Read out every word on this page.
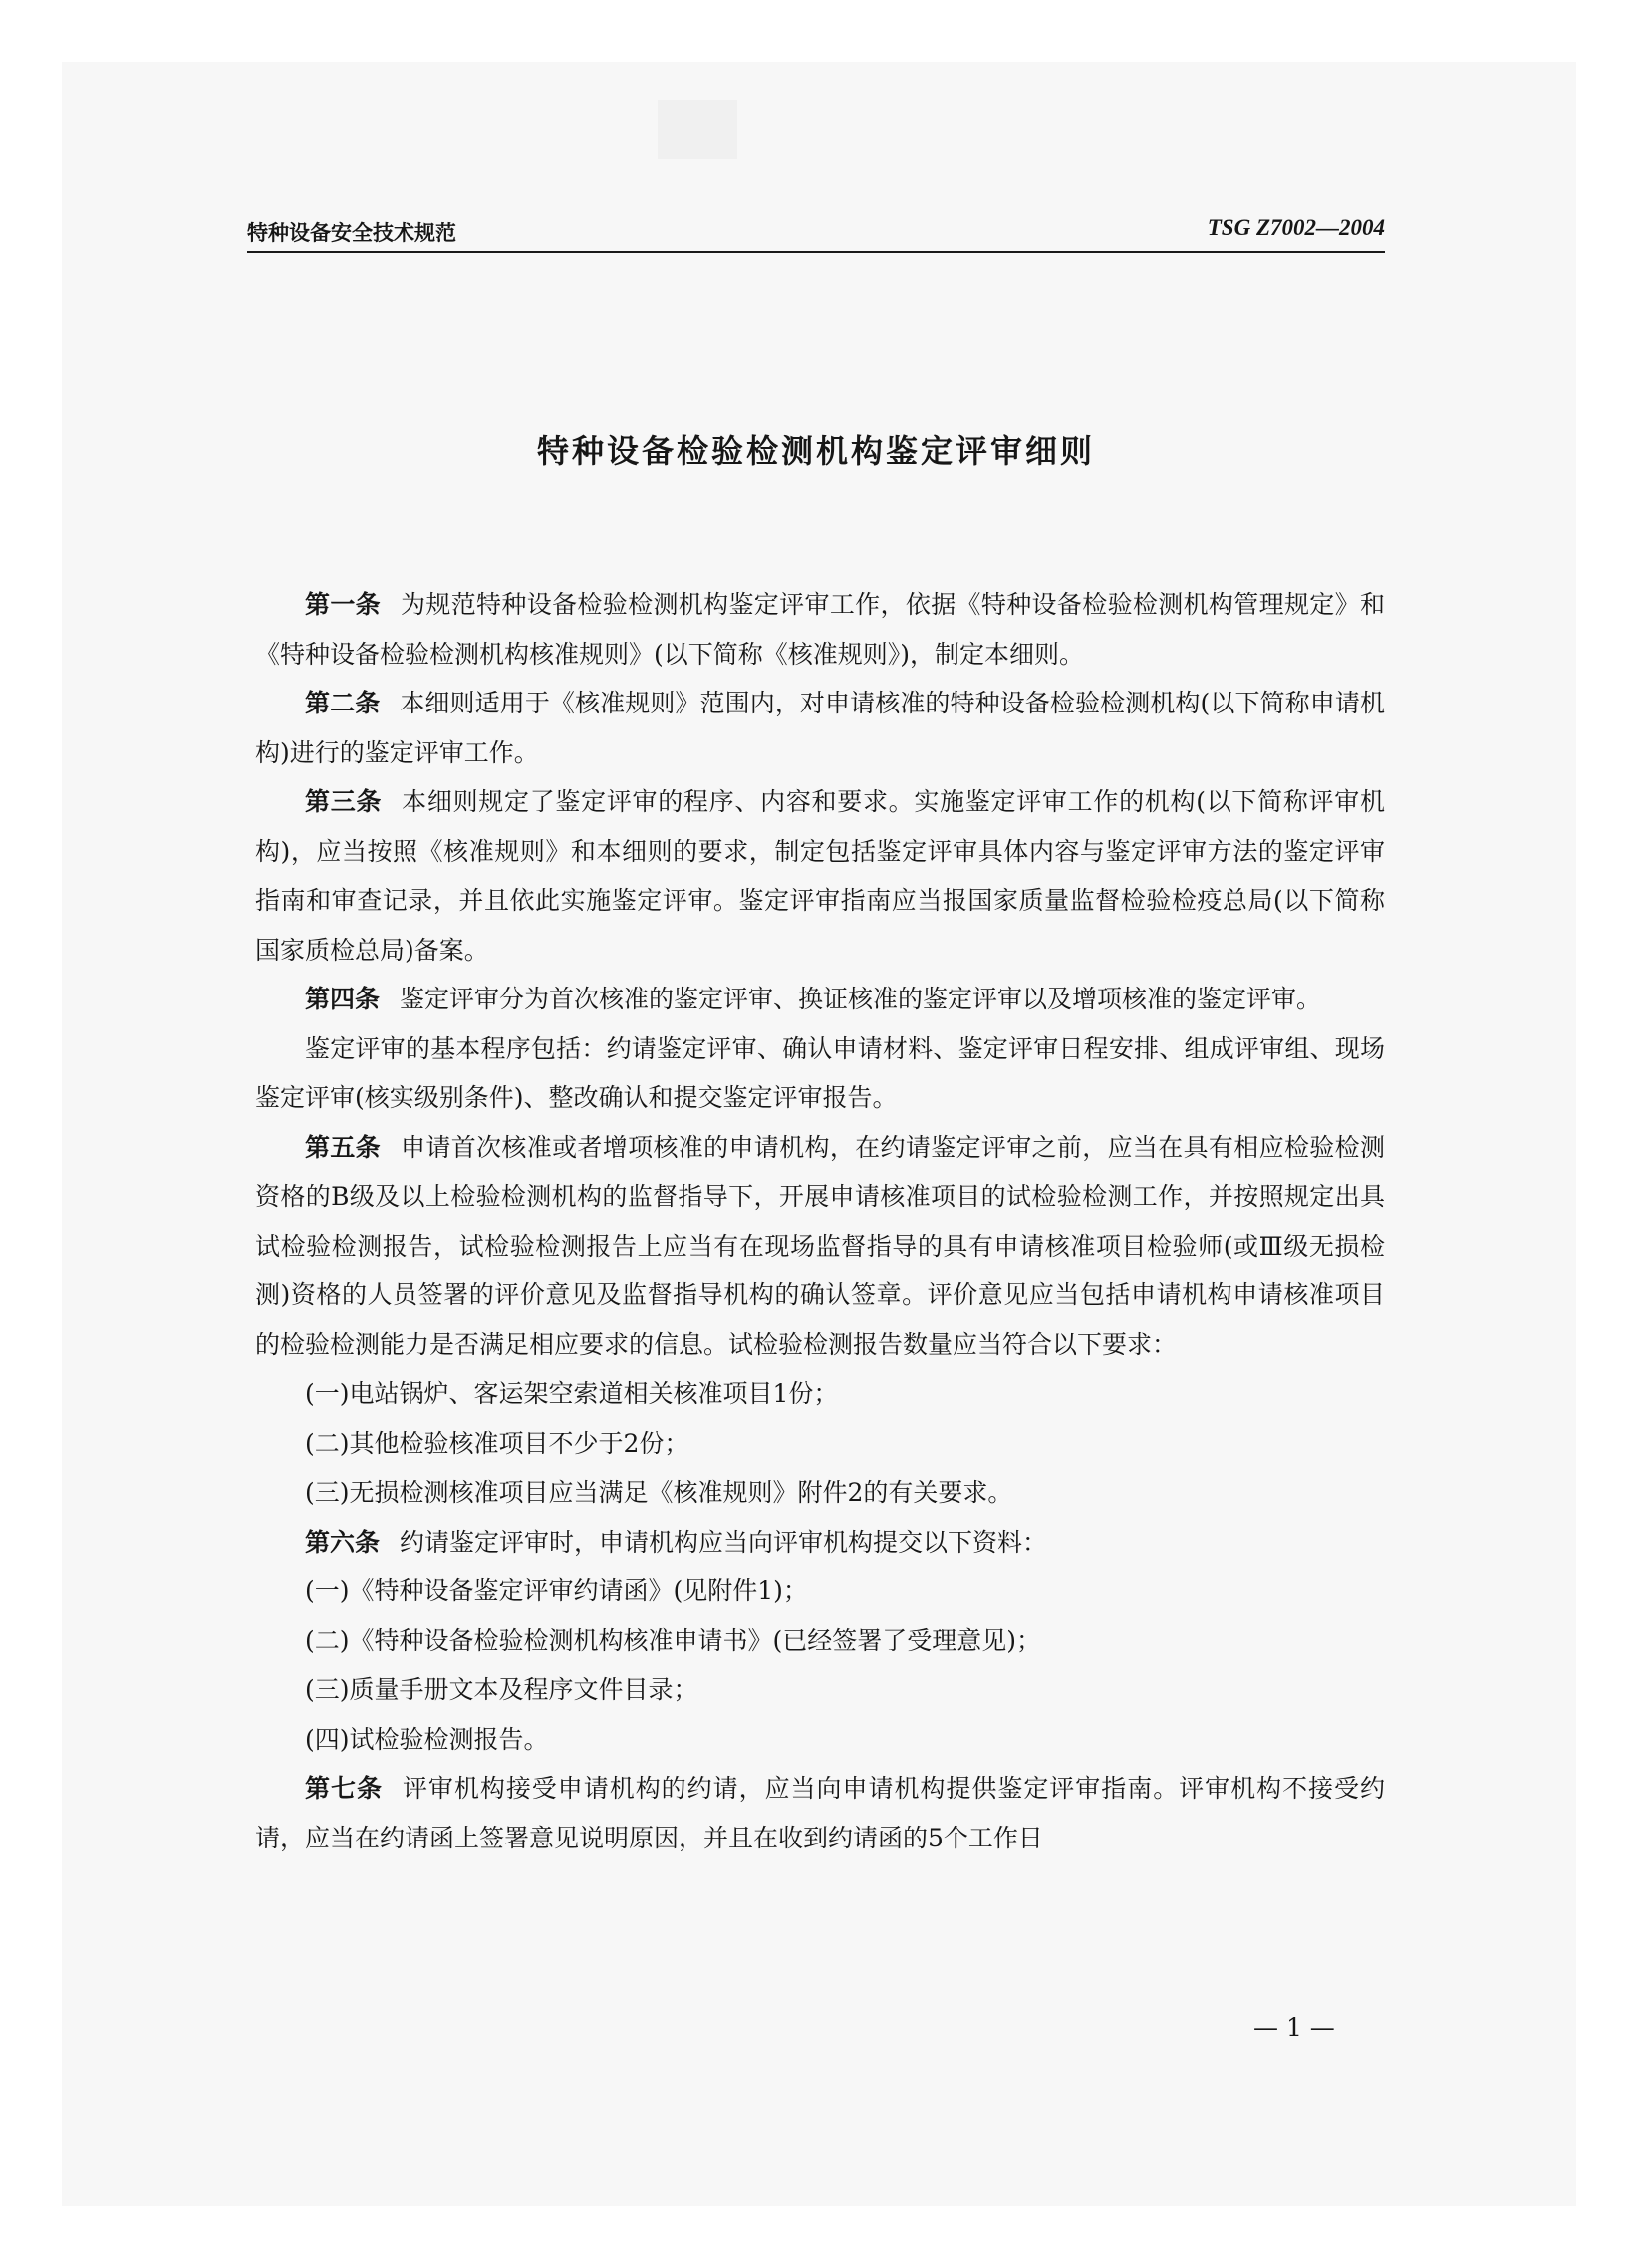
特种设备安全技术规范	TSG Z7002—2004
特种设备检验检测机构鉴定评审细则

第一条 为规范特种设备检验检测机构鉴定评审工作，依据《特种设备检验检测机构管理规定》和《特种设备检验检测机构核准规则》(以下简称《核准规则》)，制定本细则。

第二条 本细则适用于《核准规则》范围内，对申请核准的特种设备检验检测机构(以下简称申请机构)进行的鉴定评审工作。

第三条 本细则规定了鉴定评审的程序、内容和要求。实施鉴定评审工作的机构(以下简称评审机构)，应当按照《核准规则》和本细则的要求，制定包括鉴定评审具体内容与鉴定评审方法的鉴定评审指南和审查记录，并且依此实施鉴定评审。鉴定评审指南应当报国家质量监督检验检疫总局(以下简称国家质检总局)备案。

第四条 鉴定评审分为首次核准的鉴定评审、换证核准的鉴定评审以及增项核准的鉴定评审。

鉴定评审的基本程序包括：约请鉴定评审、确认申请材料、鉴定评审日程安排、组成评审组、现场鉴定评审(核实级别条件)、整改确认和提交鉴定评审报告。

第五条 申请首次核准或者增项核准的申请机构，在约请鉴定评审之前，应当在具有相应检验检测资格的B级及以上检验检测机构的监督指导下，开展申请核准项目的试检验检测工作，并按照规定出具试检验检测报告，试检验检测报告上应当有在现场监督指导的具有申请核准项目检验师(或Ⅲ级无损检测)资格的人员签署的评价意见及监督指导机构的确认签章。评价意见应当包括申请机构申请核准项目的检验检测能力是否满足相应要求的信息。试检验检测报告数量应当符合以下要求：

(一)电站锅炉、客运架空索道相关核准项目1份；

(二)其他检验核准项目不少于2份；

(三)无损检测核准项目应当满足《核准规则》附件2的有关要求。

第六条 约请鉴定评审时，申请机构应当向评审机构提交以下资料：

(一)《特种设备鉴定评审约请函》(见附件1)；

(二)《特种设备检验检测机构核准申请书》(已经签署了受理意见)；

(三)质量手册文本及程序文件目录；

(四)试检验检测报告。

第七条 评审机构接受申请机构的约请，应当向申请机构提供鉴定评审指南。评审机构不接受约请，应当在约请函上签署意见说明原因，并且在收到约请函的5个工作日

— 1 —
